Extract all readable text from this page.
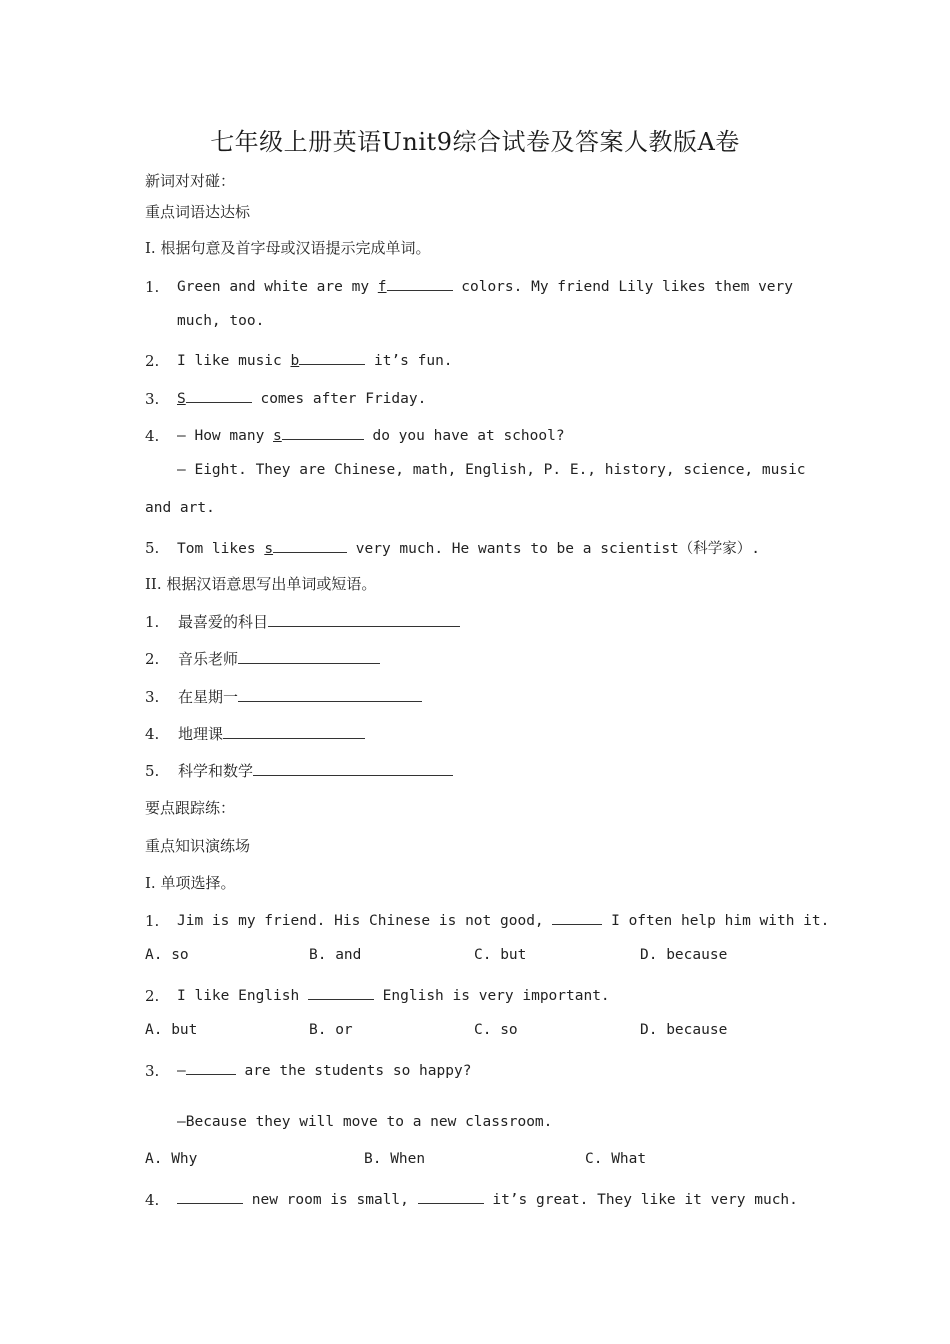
七年级上册英语Unit9综合试卷及答案人教版A卷
新词对对碰：
重点词语达达标
I. 根据句意及首字母或汉语提示完成单词。
1. Green and white are my f	colors. My friend Lily likes them very
much, too.
2. I like music b	it’s fun.
3. S	comes after Friday.
4. — How many s	do you have at school?
— Eight. They are Chinese, math, English, P. E., history, science, music
and art.
5. Tom likes s	very much. He wants to be a scientist（科学家）.
II. 根据汉语意思写出单词或短语。
1. 最喜爱的科目
2. 音乐老师
3. 在星期一
4. 地理课
5. 科学和数学
要点跟踪练：
重点知识演练场
I. 单项选择。
1. Jim is my friend. His Chinese is not good,	I often help him with it.
A. so	B. and	C. but	D. because
2. I like English	English is very important.
A. but	B. or	C. so	D. because
3. —	are the students so happy?
—Because they will move to a new classroom.
A. Why	B. When	C. What
4.	new room is small,	it’s great. They like it very much.
